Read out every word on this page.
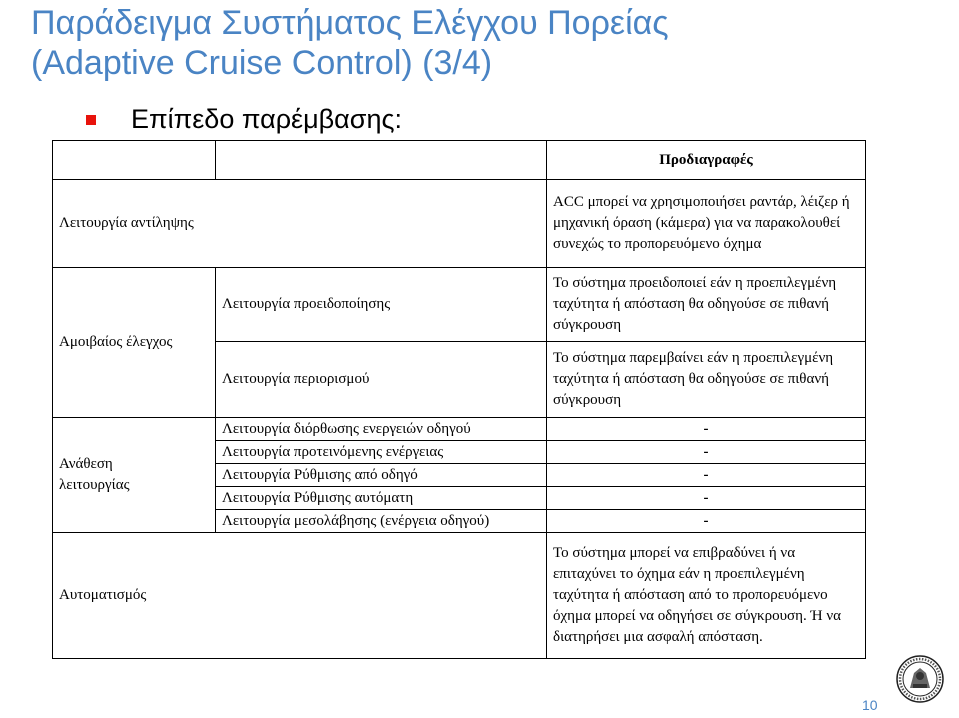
Παράδειγμα Συστήματος Ελέγχου Πορείας
(Adaptive Cruise Control) (3/4)
Επίπεδο παρέμβασης:
		Προδιαγραφές
Λειτουργία αντίληψης		ACC μπορεί να χρησιμοποιήσει ραντάρ, λέιζερ ή μηχανική όραση (κάμερα) για να παρακολουθεί συνεχώς το προπορευόμενο όχημα
Αμοιβαίος έλεγχος	Λειτουργία προειδοποίησης	Το σύστημα προειδοποιεί εάν η προεπιλεγμένη ταχύτητα ή απόσταση θα οδηγούσε σε πιθανή σύγκρουση
	Λειτουργία περιορισμού	Το σύστημα παρεμβαίνει εάν η προεπιλεγμένη ταχύτητα ή απόσταση θα οδηγούσε σε πιθανή σύγκρουση
Ανάθεση
λειτουργίας	Λειτουργία διόρθωσης ενεργειών οδηγού	-
	Λειτουργία προτεινόμενης ενέργειας	-
	Λειτουργία Ρύθμισης από οδηγό	-
	Λειτουργία Ρύθμισης αυτόματη	-
	Λειτουργία μεσολάβησης (ενέργεια οδηγού)	-
Αυτοματισμός		Το σύστημα μπορεί να επιβραδύνει ή να επιταχύνει το όχημα εάν η προεπιλεγμένη ταχύτητα ή απόσταση από το προπορευόμενο όχημα μπορεί να οδηγήσει σε σύγκρουση. Ή να διατηρήσει μια ασφαλή απόσταση.
10
